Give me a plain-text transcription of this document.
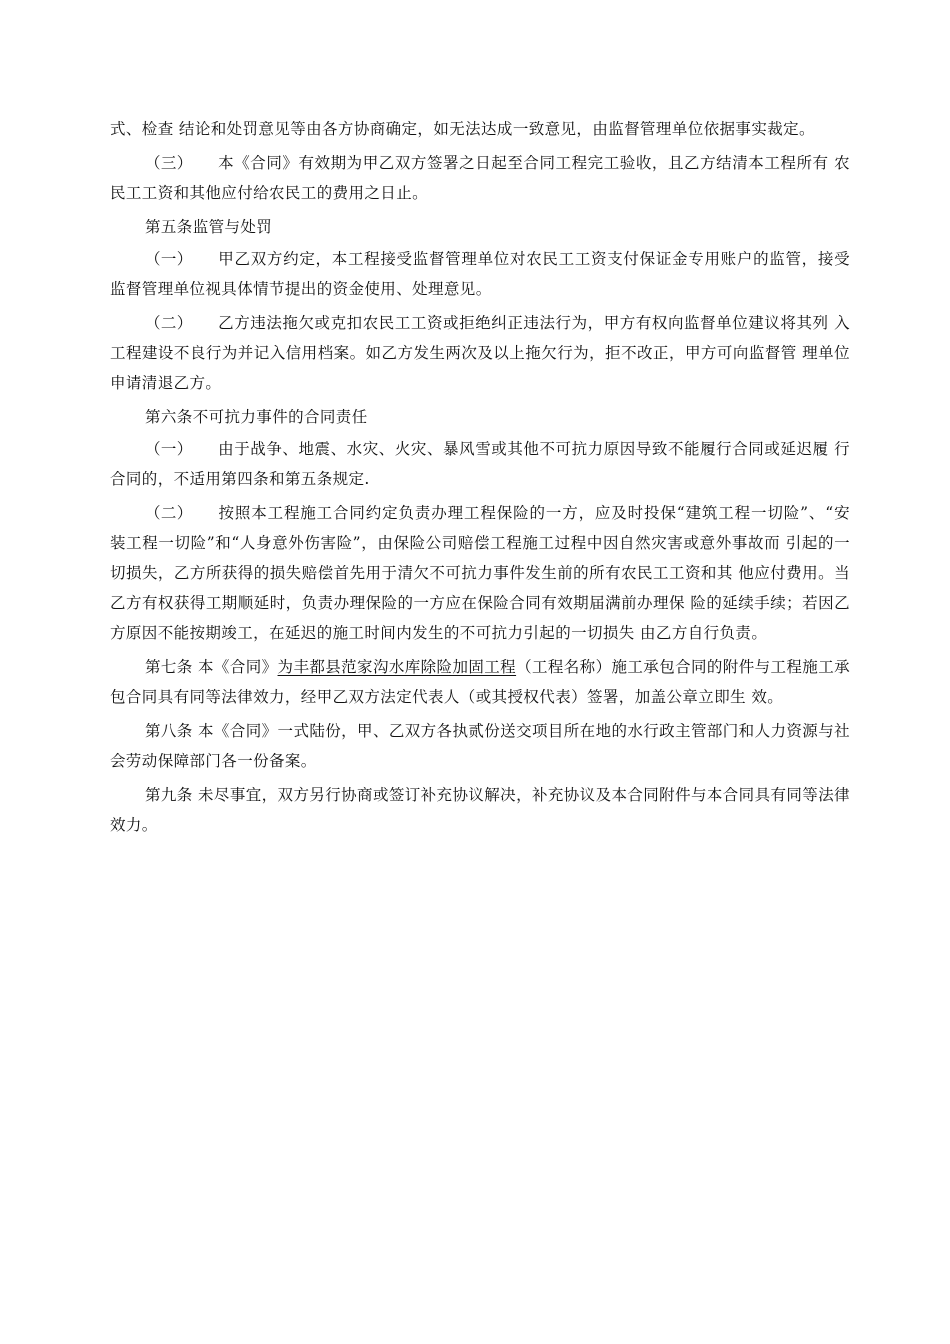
式、检查 结论和处罚意见等由各方协商确定，如无法达成一致意见，由监督管理单位依据事实裁定。

（三） 本《合同》有效期为甲乙双方签署之日起至合同工程完工验收，且乙方结清本工程所有 农民工工资和其他应付给农民工的费用之日止。

第五条监管与处罚

（一） 甲乙双方约定，本工程接受监督管理单位对农民工工资支付保证金专用账户的监管，接受 监督管理单位视具体情节提出的资金使用、处理意见。

（二） 乙方违法拖欠或克扣农民工工资或拒绝纠正违法行为，甲方有权向监督单位建议将其列 入工程建设不良行为并记入信用档案。如乙方发生两次及以上拖欠行为，拒不改正，甲方可向监督管 理单位申请清退乙方。

第六条不可抗力事件的合同责任

（一） 由于战争、地震、水灾、火灾、暴风雪或其他不可抗力原因导致不能履行合同或延迟履 行合同的，不适用第四条和第五条规定.

（二） 按照本工程施工合同约定负责办理工程保险的一方，应及时投保“建筑工程一切险”、“安 装工程一切险”和“人身意外伤害险”，由保险公司赔偿工程施工过程中因自然灾害或意外事故而 引起的一切损失，乙方所获得的损失赔偿首先用于清欠不可抗力事件发生前的所有农民工工资和其 他应付费用。当乙方有权获得工期顺延时，负责办理保险的一方应在保险合同有效期届满前办理保 险的延续手续；若因乙方原因不能按期竣工，在延迟的施工时间内发生的不可抗力引起的一切损失 由乙方自行负责。

第七条 本《合同》为丰都县范家沟水库除险加固工程（工程名称）施工承包合同的附件与工程施工承包合同具有同等法律效力，经甲乙双方法定代表人（或其授权代表）签署，加盖公章立即生 效。

第八条 本《合同》一式陆份，甲、乙双方各执贰份送交项目所在地的水行政主管部门和人力资源与社会劳动保障部门各一份备案。

第九条 未尽事宜，双方另行协商或签订补充协议解决，补充协议及本合同附件与本合同具有同等法律效力。
